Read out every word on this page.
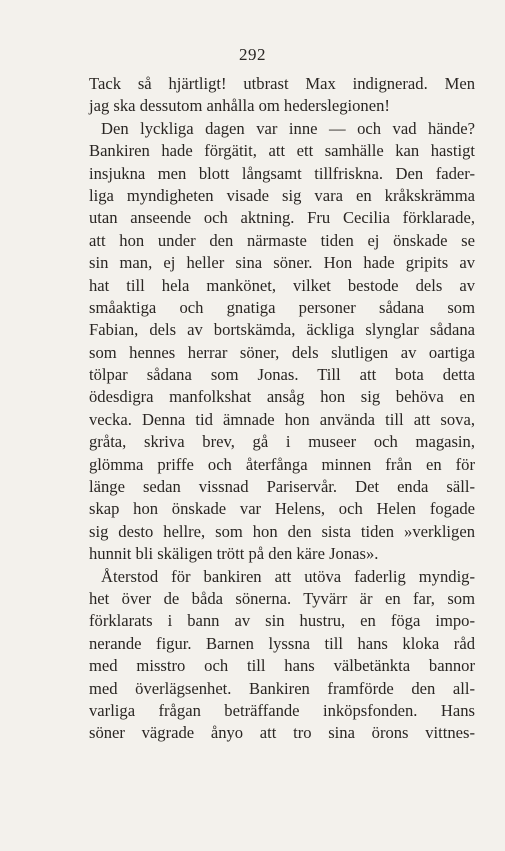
292
Tack så hjärtligt! utbrast Max indignerad. Men
jag ska dessutom anhålla om hederslegionen!
Den lyckliga dagen var inne — och vad hände?
Bankiren hade förgätit, att ett samhälle kan hastigt
insjukna men blott långsamt tillfriskna. Den fader-
liga myndigheten visade sig vara en kråkskrämma
utan anseende och aktning. Fru Cecilia förklarade,
att hon under den närmaste tiden ej önskade se
sin man, ej heller sina söner. Hon hade gripits av
hat till hela mankönet, vilket bestode dels av
småaktiga och gnatiga personer sådana som
Fabian, dels av bortskämda, äckliga slynglar sådana
som hennes herrar söner, dels slutligen av oartiga
tölpar sådana som Jonas. Till att bota detta
ödesdigra manfolkshat ansåg hon sig behöva en
vecka. Denna tid ämnade hon använda till att sova,
gråta, skriva brev, gå i museer och magasin,
glömma priffe och återfånga minnen från en för
länge sedan vissnad Pariservår. Det enda säll-
skap hon önskade var Helens, och Helen fogade
sig desto hellre, som hon den sista tiden »verkligen
hunnit bli skäligen trött på den käre Jonas».
Återstod för bankiren att utöva faderlig myndig-
het över de båda sönerna. Tyvärr är en far, som
förklarats i bann av sin hustru, en föga impo-
nerande figur. Barnen lyssna till hans kloka råd
med misstro och till hans välbetänkta bannor
med överlägsenhet. Bankiren framförde den all-
varliga frågan beträffande inköpsfonden. Hans
söner vägrade ånyo att tro sina örons vittnes-
